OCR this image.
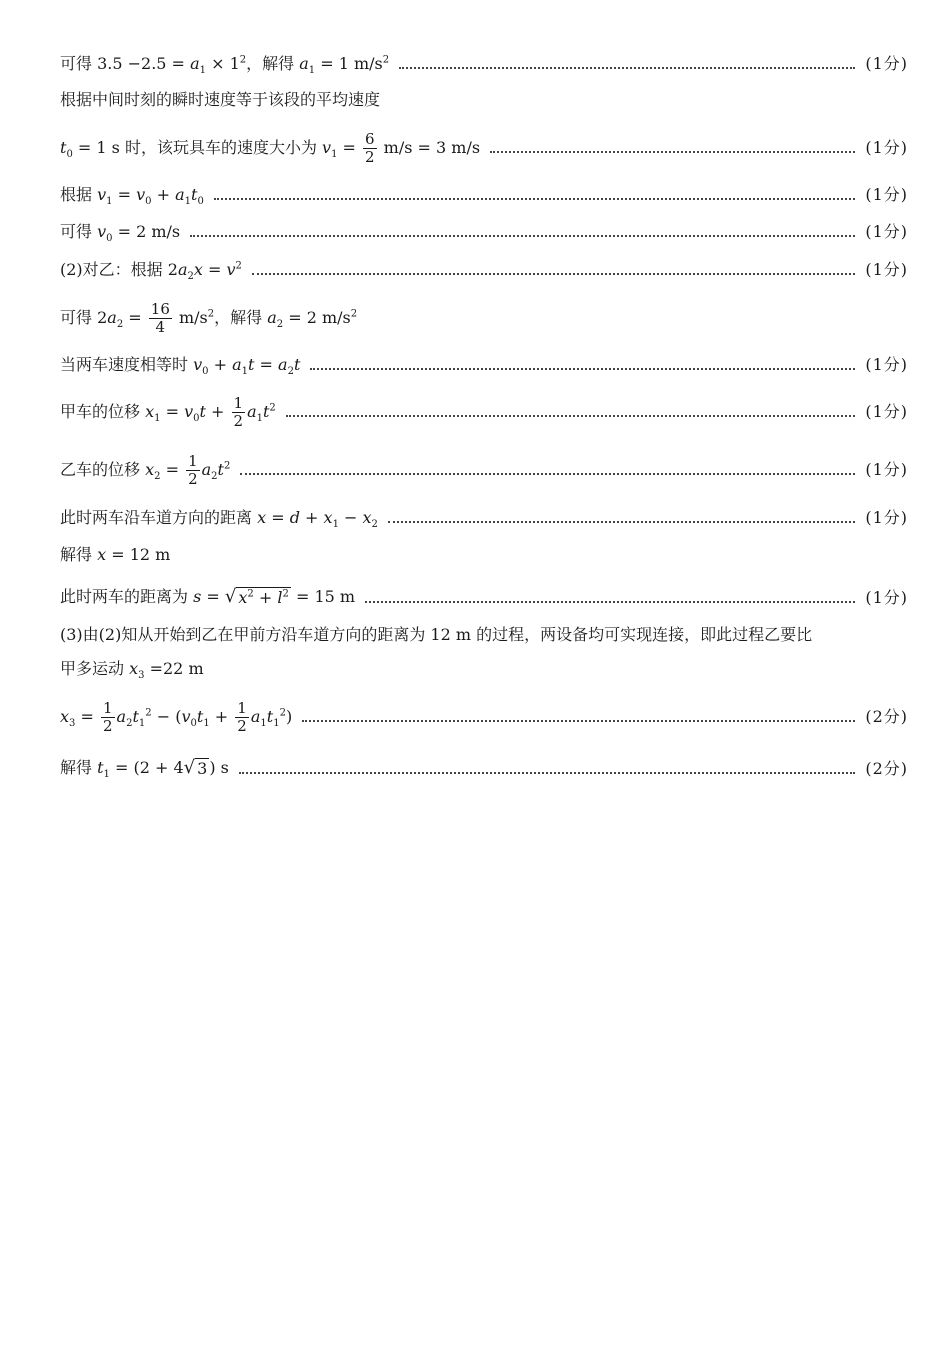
可得 $3.5 -2.5 = a_1 \times 1^2$，解得 $a_1 = 1$ $m/s^2$	(1分)
根据中间时刻的瞬时速度等于该段的平均速度
$t_0 = 1$ s 时，该玩具车的速度大小为 $v_1 = \frac{6}{2} m/s = 3$ m/s	(1分)
根据 $v_1 = v_0 + a_1t_0$	(1分)
可得 $v_0 = 2$ m/s	(1分)
(2)对乙：根据 $2a_2x = v^2$	(1分)
可得 $2a_2 = \frac{16}{4} m/s^2$，解得 $a_2 = 2$ $m/s^2$
当两车速度相等时 $v_0 + a_1t = a_2t$	(1分)
甲车的位移 $x_1 = v_0t + \frac{1}{2} a_1t^2$	(1分)
乙车的位移 $x_2 = \frac{1}{2} a_2t^2$	(1分)
此时两车沿车道方向的距离 $x = d + x_1 - x_2$	(1分)
解得 x = 12 m
此时两车的距离为 s = √ $x^2 + l^2 = 15$ m	(1分)
(3)由(2)知从开始到乙在甲前方沿车道方向的距离为 12 m 的过程，两设备均可实现连接，即此过程乙要比
甲多运动 $x_3 =22$ m
$x_3 = \frac{1}{2} a_2t_1^2 - (v_0t_1 + \frac{1}{2} a_1t_1^2)$	(2分)
解得 $t_1 = (2 + 4$ √ 3 ) s	(2分)
